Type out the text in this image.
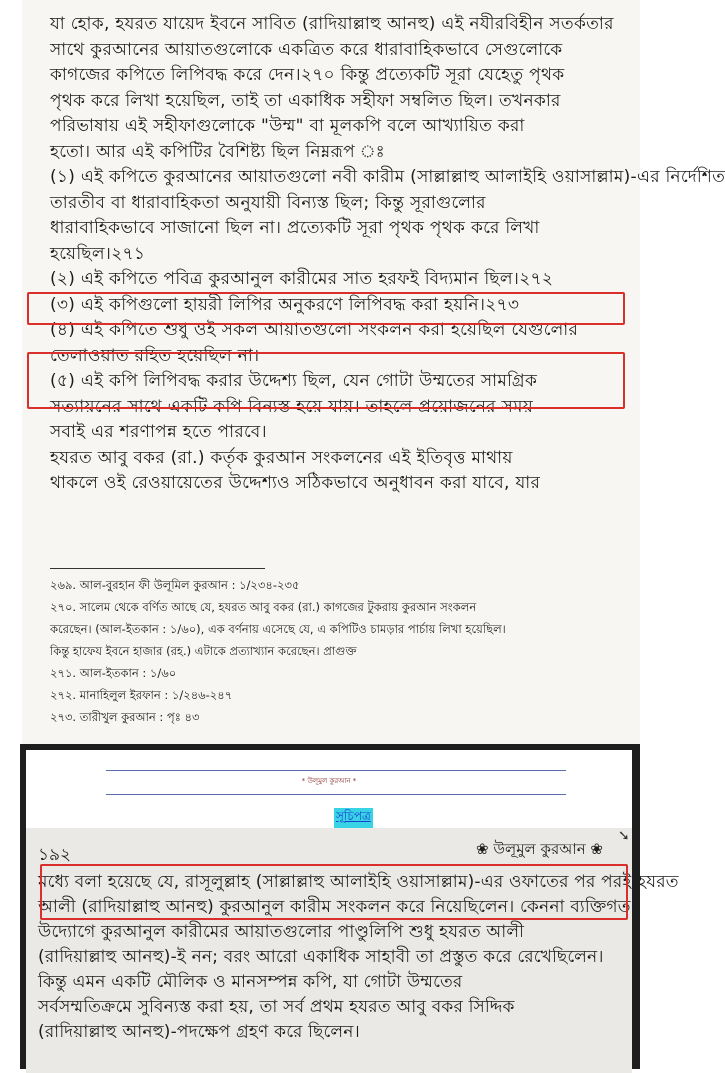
যা হোক, হযরত যায়েদ ইবনে সাবিত (রাদিয়াল্লাহু আনহু) এই নযীরবিহীন সতর্কতার
সাথে কুরআনের আয়াতগুলোকে একত্রিত করে ধারাবাহিকভাবে সেগুলোকে
কাগজের কপিতে লিপিবদ্ধ করে দেন।২৭০ কিন্তু প্রত্যেকটি সূরা যেহেতু পৃথক
পৃথক করে লিখা হয়েছিল, তাই তা একাধিক সহীফা সম্বলিত ছিল। তখনকার
পরিভাষায় এই সহীফাগুলোকে "উম্ম" বা মূলকপি বলে আখ্যায়িত করা
হতো। আর এই কপিটির বৈশিষ্ট্য ছিল নিম্নরূপ ঃ
(১) এই কপিতে কুরআনের আয়াতগুলো নবী কারীম (সাল্লাল্লাহু আলাইহি ওয়াসাল্লাম)-এর নির্দেশিত
তারতীব বা ধারাবাহিকতা অনুযায়ী বিন্যস্ত ছিল; কিন্তু সূরাগুলোর
ধারাবাহিকভাবে সাজানো ছিল না। প্রত্যেকটি সূরা পৃথক পৃথক করে লিখা
হয়েছিল।২৭১
(২) এই কপিতে পবিত্র কুরআনুল কারীমের সাত হরফই বিদ্যমান ছিল।২৭২
(৩) এই কপিগুলো হায়রী লিপির অনুকরণে লিপিবদ্ধ করা হয়নি।২৭৩
(৪) এই কপিতে শুধু ওই সকল আয়াতগুলো সংকলন করা হয়েছিল যেগুলোর
তেলাওয়াত রহিত হয়েছিল না।
(৫) এই কপি লিপিবদ্ধ করার উদ্দেশ্য ছিল, যেন গোটা উম্মতের সামগ্রিক
সত্যায়নের সাথে একটি কপি বিন্যস্ত হয়ে যায়। তাহলে প্রয়োজনের সময়
সবাই এর শরণাপন্ন হতে পারবে।
হযরত আবু বকর (রা.) কর্তৃক কুরআন সংকলনের এই ইতিবৃত্ত মাথায়
থাকলে ওই রেওয়ায়েতের উদ্দেশ্যও সঠিকভাবে অনুধাবন করা যাবে, যার
২৬৯. আল-বুরহান ফী উলূমিল কুরআন : ১/২৩৪-২৩৫
২৭০. সালেম থেকে বর্ণিত আছে যে, হযরত আবু বকর (রা.) কাগজের টুকরায় কুরআন সংকলন
করেছেন। (আল-ইতকান : ১/৬০), এক বর্ণনায় এসেছে যে, এ কপিটিও চামড়ার পার্চায় লিখা হয়েছিল।
কিন্তু হাফেয ইবনে হাজার (রহ.) এটাকে প্রত্যাখ্যান করেছেন। প্রাগুক্ত
২৭১. আল-ইতকান : ১/৬০
২৭২. মানাহিলুল ইরফান : ১/২৪৬-২৪৭
২৭৩. তারীখুল কুরআন : পৃঃ ৪৩
* উলূমুল কুরআন *
সূচিপত্র
১৯২	❀ উলূমুল কুরআন ❀
➘
মধ্যে বলা হয়েছে যে, রাসূলুল্লাহ (সাল্লাল্লাহু আলাইহি ওয়াসাল্লাম)-এর ওফাতের পর পরই হযরত
আলী (রাদিয়াল্লাহু আনহু) কুরআনুল কারীম সংকলন করে নিয়েছিলেন। কেননা ব্যক্তিগত
উদ্যোগে কুরআনুল কারীমের আয়াতগুলোর পাণ্ডুলিপি শুধু হযরত আলী
(রাদিয়াল্লাহু আনহু)-ই নন; বরং আরো একাধিক সাহাবী তা প্রস্তুত করে রেখেছিলেন।
কিন্তু এমন একটি মৌলিক ও মানসম্পন্ন কপি, যা গোটা উম্মতের
সর্বসম্মতিক্রমে সুবিন্যস্ত করা হয়, তা সর্ব প্রথম হযরত আবু বকর সিদ্দিক
(রাদিয়াল্লাহু আনহু)-পদক্ষেপ গ্রহণ করে ছিলেন।
